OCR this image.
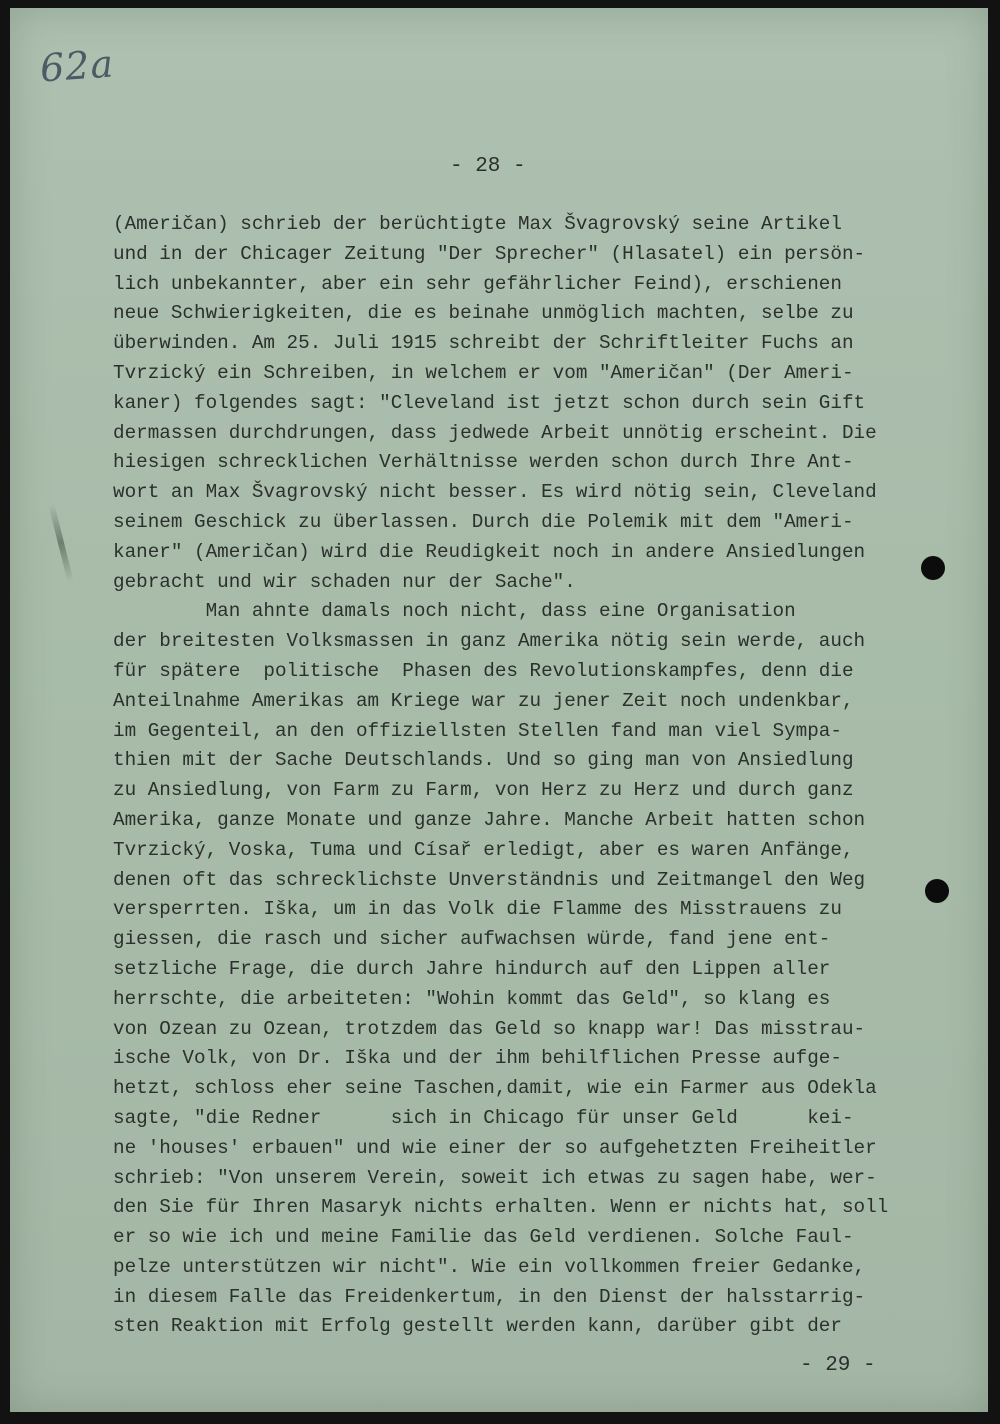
62a
- 28 -
(Američan) schrieb der berüchtigte Max Švagrovský seine Artikel
und in der Chicager Zeitung "Der Sprecher" (Hlasatel) ein persön-
lich unbekannter, aber ein sehr gefährlicher Feind), erschienen
neue Schwierigkeiten, die es beinahe unmöglich machten, selbe zu
überwinden. Am 25. Juli 1915 schreibt der Schriftleiter Fuchs an
Tvrzický ein Schreiben, in welchem er vom "Američan" (Der Ameri-
kaner) folgendes sagt: "Cleveland ist jetzt schon durch sein Gift
dermassen durchdrungen, dass jedwede Arbeit unnötig erscheint. Die
hiesigen schrecklichen Verhältnisse werden schon durch Ihre Ant-
wort an Max Švagrovský nicht besser. Es wird nötig sein, Cleveland
seinem Geschick zu überlassen. Durch die Polemik mit dem "Ameri-
kaner" (Američan) wird die Reudigkeit noch in andere Ansiedlungen
gebracht und wir schaden nur der Sache".
Man ahnte damals noch nicht, dass eine Organisation
der breitesten Volksmassen in ganz Amerika nötig sein werde, auch
für spätere  politische  Phasen des Revolutionskampfes, denn die
Anteilnahme Amerikas am Kriege war zu jener Zeit noch undenkbar,
im Gegenteil, an den offiziellsten Stellen fand man viel Sympa-
thien mit der Sache Deutschlands. Und so ging man von Ansiedlung
zu Ansiedlung, von Farm zu Farm, von Herz zu Herz und durch ganz
Amerika, ganze Monate und ganze Jahre. Manche Arbeit hatten schon
Tvrzický, Voska, Tuma und Císař erledigt, aber es waren Anfänge,
denen oft das schrecklichste Unverständnis und Zeitmangel den Weg
versperrten. Iška, um in das Volk die Flamme des Misstrauens zu
giessen, die rasch und sicher aufwachsen würde, fand jene ent-
setzliche Frage, die durch Jahre hindurch auf den Lippen aller
herrschte, die arbeiteten: "Wohin kommt das Geld", so klang es
von Ozean zu Ozean, trotzdem das Geld so knapp war! Das misstrau-
ische Volk, von Dr. Iška und der ihm behilflichen Presse aufge-
hetzt, schloss eher seine Taschen,damit, wie ein Farmer aus Odekla
sagte, "die Redner      sich in Chicago für unser Geld      kei-
ne 'houses' erbauen" und wie einer der so aufgehetzten Freiheitler
schrieb: "Von unserem Verein, soweit ich etwas zu sagen habe, wer-
den Sie für Ihren Masaryk nichts erhalten. Wenn er nichts hat, soll
er so wie ich und meine Familie das Geld verdienen. Solche Faul-
pelze unterstützen wir nicht". Wie ein vollkommen freier Gedanke,
in diesem Falle das Freidenkertum, in den Dienst der halsstarrig-
sten Reaktion mit Erfolg gestellt werden kann, darüber gibt der
- 29 -
